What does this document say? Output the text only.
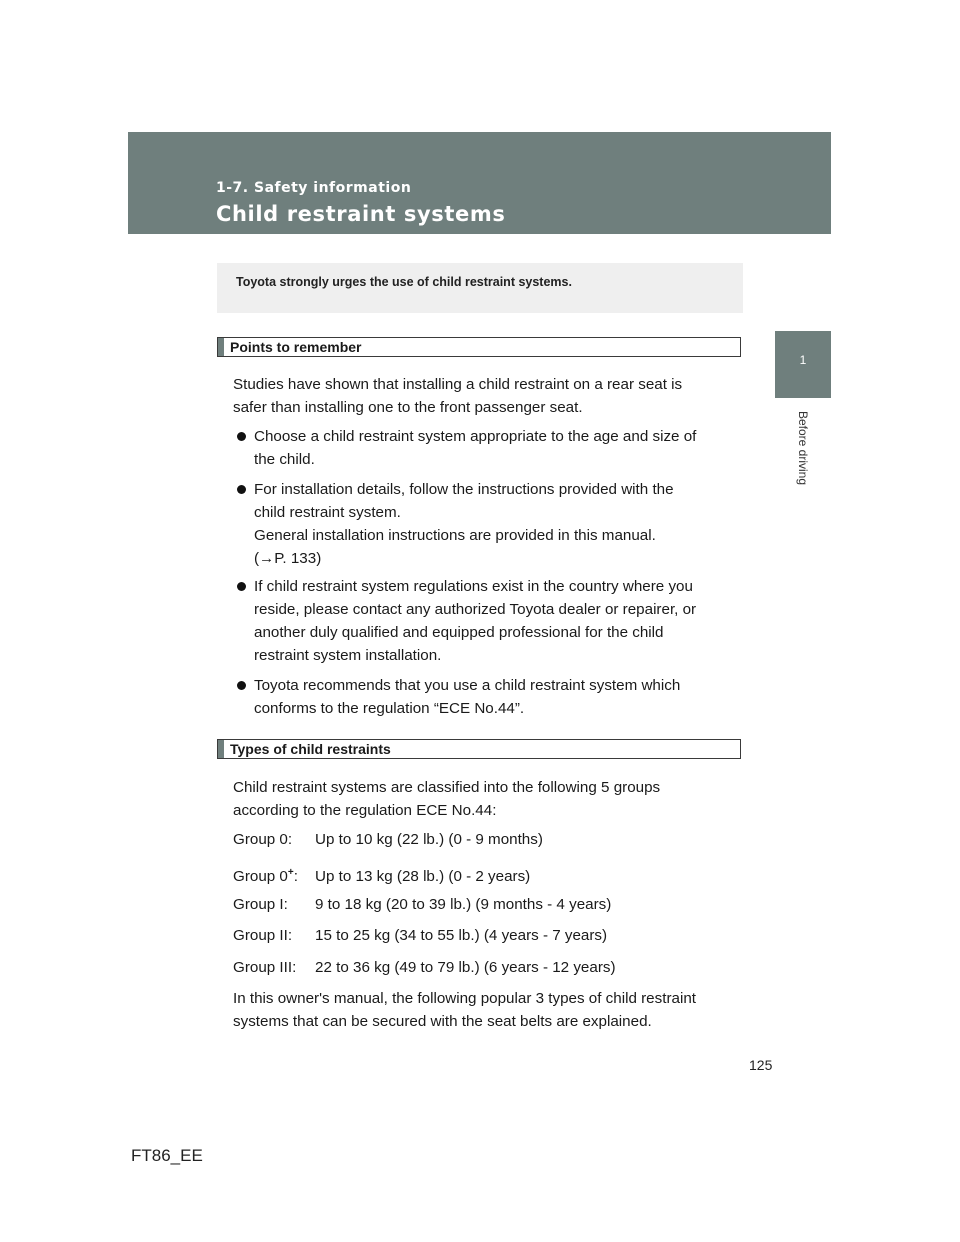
1-7. Safety information
Child restraint systems
1
Before driving
Toyota strongly urges the use of child restraint systems.
Points to remember
Studies have shown that installing a child restraint on a rear seat is
safer than installing one to the front passenger seat.
Choose a child restraint system appropriate to the age and size of
the child.
For installation details, follow the instructions provided with the
child restraint system.
General installation instructions are provided in this manual.
(→P. 133)
If child restraint system regulations exist in the country where you
reside, please contact any authorized Toyota dealer or repairer, or
another duly qualified and equipped professional for the child
restraint system installation.
Toyota recommends that you use a child restraint system which
conforms to the regulation “ECE No.44”.
Types of child restraints
Child restraint systems are classified into the following 5 groups
according to the regulation ECE No.44:
Group 0: Up to 10 kg (22 lb.) (0 - 9 months)
Group 0+: Up to 13 kg (28 lb.) (0 - 2 years)
Group I: 9 to 18 kg (20 to 39 lb.) (9 months - 4 years)
Group II: 15 to 25 kg (34 to 55 lb.) (4 years - 7 years)
Group III: 22 to 36 kg (49 to 79 lb.) (6 years - 12 years)
In this owner's manual, the following popular 3 types of child restraint
systems that can be secured with the seat belts are explained.
125
FT86_EE
